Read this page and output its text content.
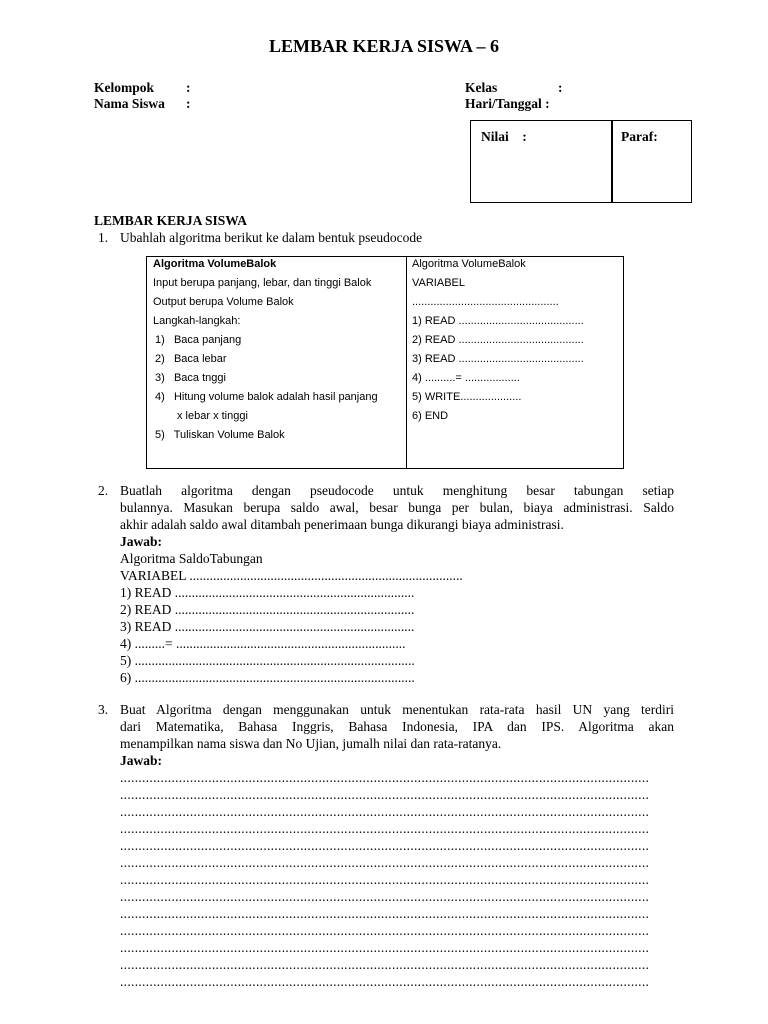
LEMBAR KERJA SISWA – 6
Kelompok :
Nama Siswa :
Kelas	:
Hari/Tanggal :
Nilai    :	Paraf:
LEMBAR KERJA SISWA
1. Ubahlah algoritma berikut ke dalam bentuk pseudocode
Algoritma VolumeBalok
Input berupa panjang, lebar, dan tinggi Balok
Output berupa Volume Balok
Langkah-langkah:
1)   Baca panjang
2)   Baca lebar
3)   Baca tnggi
4)   Hitung volume balok adalah hasil panjang
x lebar x tinggi
5)   Tuliskan Volume Balok
Algoritma VolumeBalok
VARIABEL
................................................
1) READ .........................................
2) READ .........................................
3) READ .........................................
4) ..........= ..................
5) WRITE....................
6) END
2. Buatlah algoritma dengan pseudocode untuk menghitung besar tabungan setiap
bulannya. Masukan berupa saldo awal, besar bunga per bulan, biaya administrasi. Saldo
akhir adalah saldo awal ditambah penerimaan bunga dikurangi biaya administrasi.
Jawab:
Algoritma SaldoTabungan
VARIABEL .................................................................................
1) READ .......................................................................
2) READ .......................................................................
3) READ .......................................................................
4) .........= ....................................................................
5) ...................................................................................
6) ...................................................................................
3. Buat Algoritma dengan menggunakan untuk menentukan rata-rata hasil UN yang terdiri
dari Matematika, Bahasa Inggris, Bahasa Indonesia, IPA dan IPS. Algoritma akan
menampilkan nama siswa dan No Ujian, jumalh nilai dan rata-ratanya.
Jawab:
................................................................................................................................................
................................................................................................................................................
................................................................................................................................................
................................................................................................................................................
................................................................................................................................................
................................................................................................................................................
................................................................................................................................................
................................................................................................................................................
................................................................................................................................................
................................................................................................................................................
................................................................................................................................................
................................................................................................................................................
................................................................................................................................................
